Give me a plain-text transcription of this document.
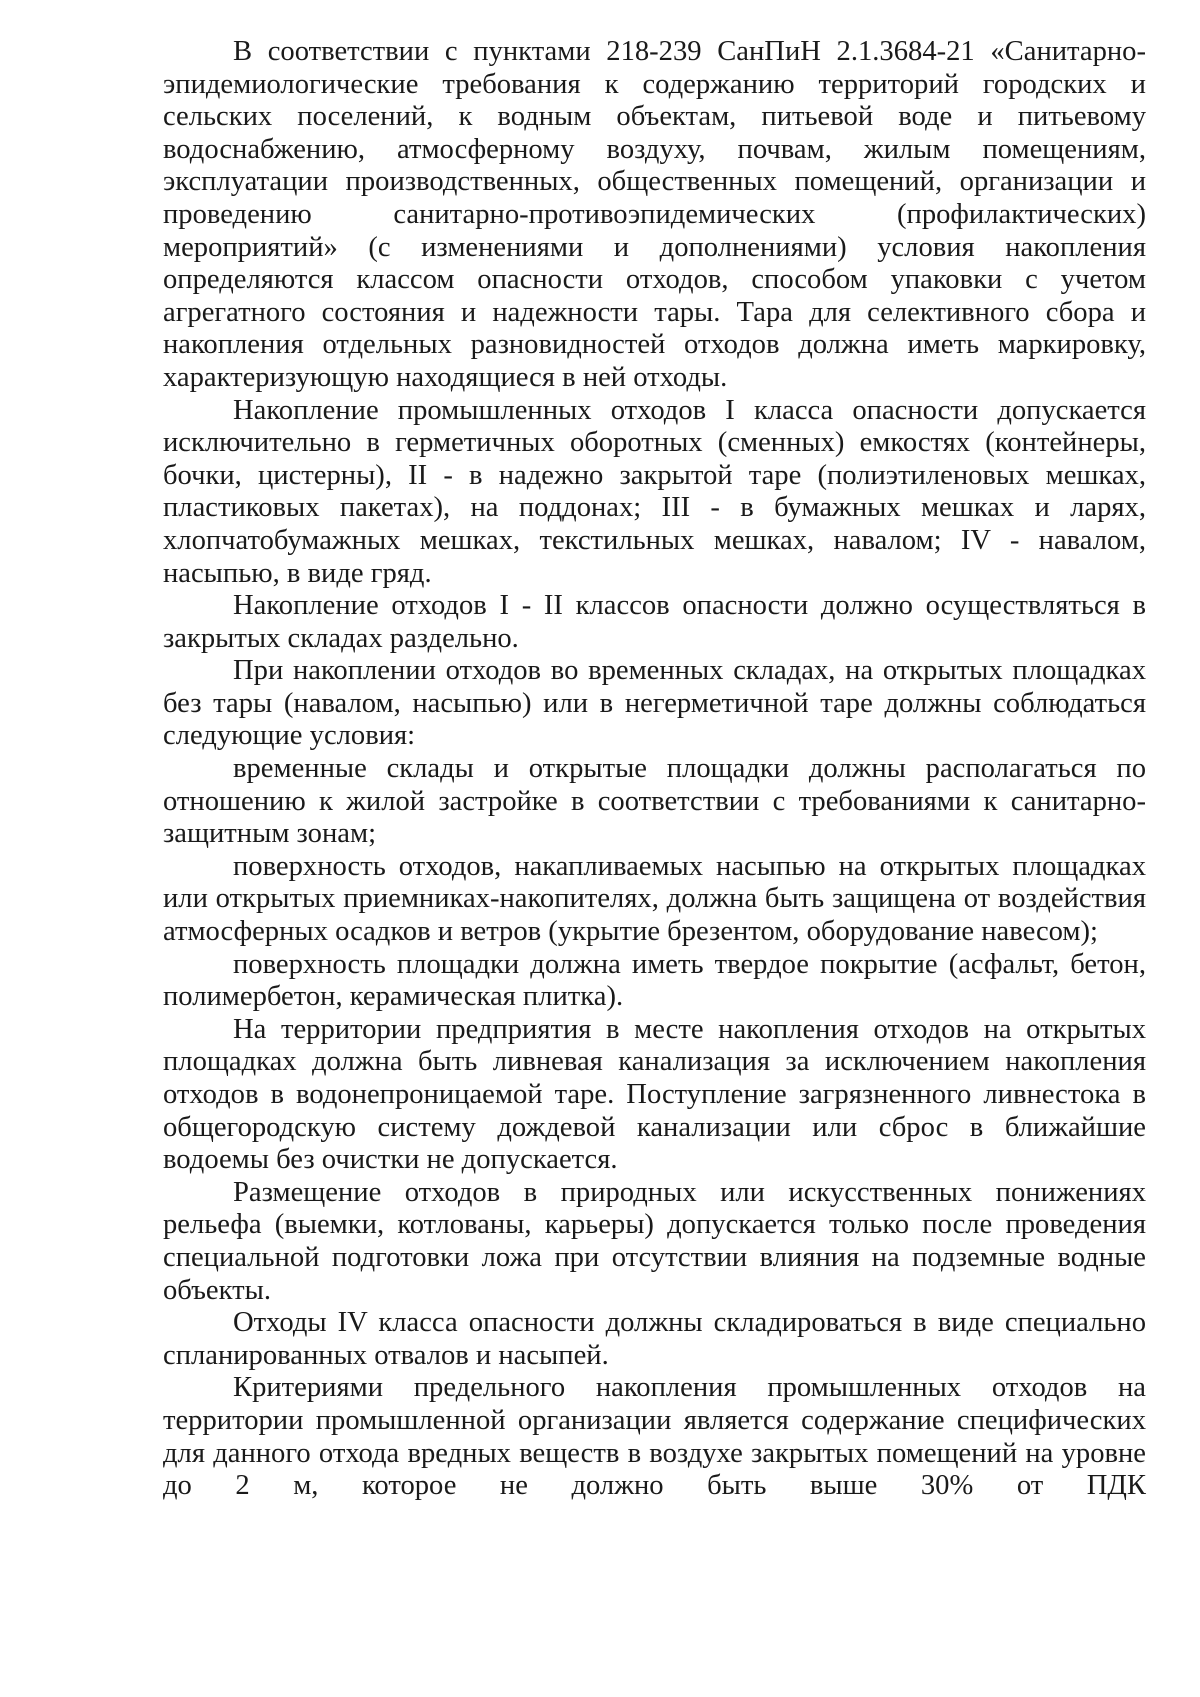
В соответствии с пунктами 218-239 СанПиН 2.1.3684-21 «Санитарно-эпидемиологические требования к содержанию территорий городских и сельских поселений, к водным объектам, питьевой воде и питьевому водоснабжению, атмосферному воздуху, почвам, жилым помещениям, эксплуатации производственных, общественных помещений, организации и проведению санитарно-противоэпидемических (профилактических) мероприятий» (с изменениями и дополнениями) условия накопления определяются классом опасности отходов, способом упаковки с учетом агрегатного состояния и надежности тары. Тара для селективного сбора и накопления отдельных разновидностей отходов должна иметь маркировку, характеризующую находящиеся в ней отходы.

Накопление промышленных отходов I класса опасности допускается исключительно в герметичных оборотных (сменных) емкостях (контейнеры, бочки, цистерны), II - в надежно закрытой таре (полиэтиленовых мешках, пластиковых пакетах), на поддонах; III - в бумажных мешках и ларях, хлопчатобумажных мешках, текстильных мешках, навалом; IV - навалом, насыпью, в виде гряд.

Накопление отходов I - II классов опасности должно осуществляться в закрытых складах раздельно.

При накоплении отходов во временных складах, на открытых площадках без тары (навалом, насыпью) или в негерметичной таре должны соблюдаться следующие условия:

временные склады и открытые площадки должны располагаться по отношению к жилой застройке в соответствии с требованиями к санитарно-защитным зонам;

поверхность отходов, накапливаемых насыпью на открытых площадках или открытых приемниках-накопителях, должна быть защищена от воздействия атмосферных осадков и ветров (укрытие брезентом, оборудование навесом);

поверхность площадки должна иметь твердое покрытие (асфальт, бетон, полимербетон, керамическая плитка).

На территории предприятия в месте накопления отходов на открытых площадках должна быть ливневая канализация за исключением накопления отходов в водонепроницаемой таре. Поступление загрязненного ливнестока в общегородскую систему дождевой канализации или сброс в ближайшие водоемы без очистки не допускается.

Размещение отходов в природных или искусственных понижениях рельефа (выемки, котлованы, карьеры) допускается только после проведения специальной подготовки ложа при отсутствии влияния на подземные водные объекты.

Отходы IV класса опасности должны складироваться в виде специально спланированных отвалов и насыпей.

Критериями предельного накопления промышленных отходов на территории промышленной организации является содержание специфических для данного отхода вредных веществ в воздухе закрытых помещений на уровне до 2 м, которое не должно быть выше 30% от ПДК
